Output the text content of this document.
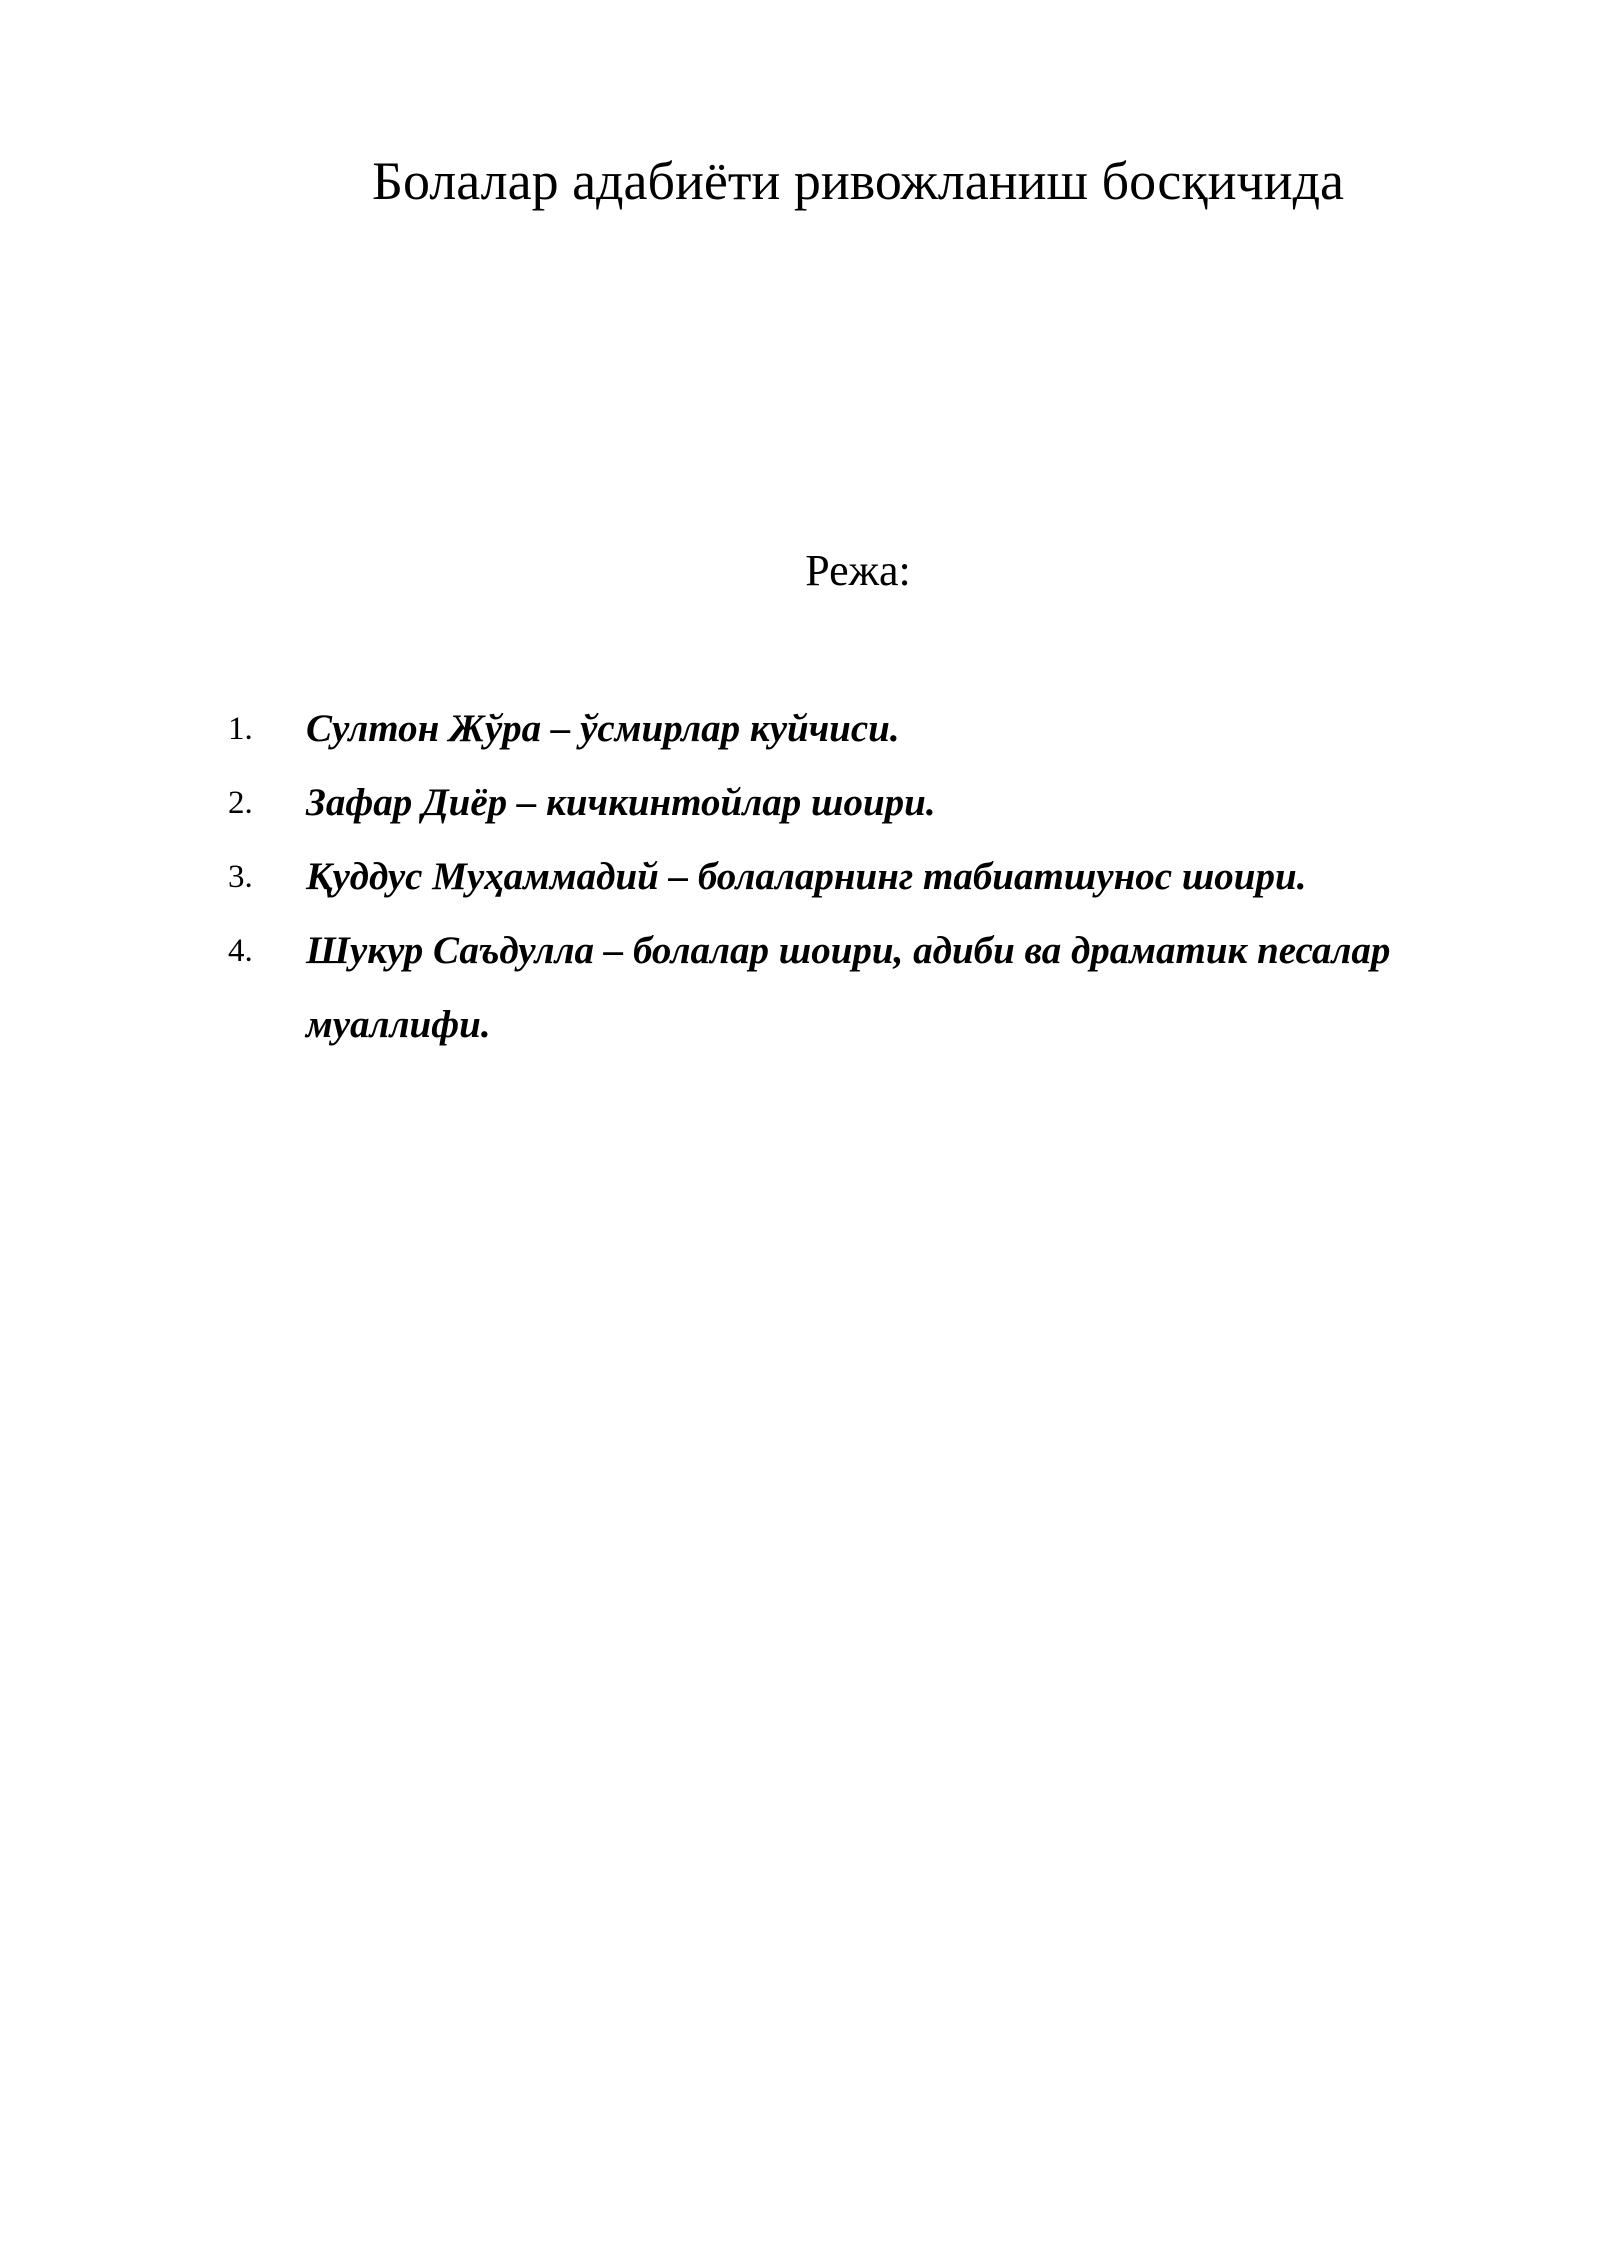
Болалар адабиёти ривожланиш босқичида
Режа:
1. Султон Жўра – ўсмирлар куйчиси.
2. Зафар Диёр – кичкинтойлар шоири.
3. Қуддус Муҳаммадий – болаларнинг табиатшунос шоири.
4. Шукур Саъдулла – болалар шоири, адиби ва драматик песалар муаллифи.
